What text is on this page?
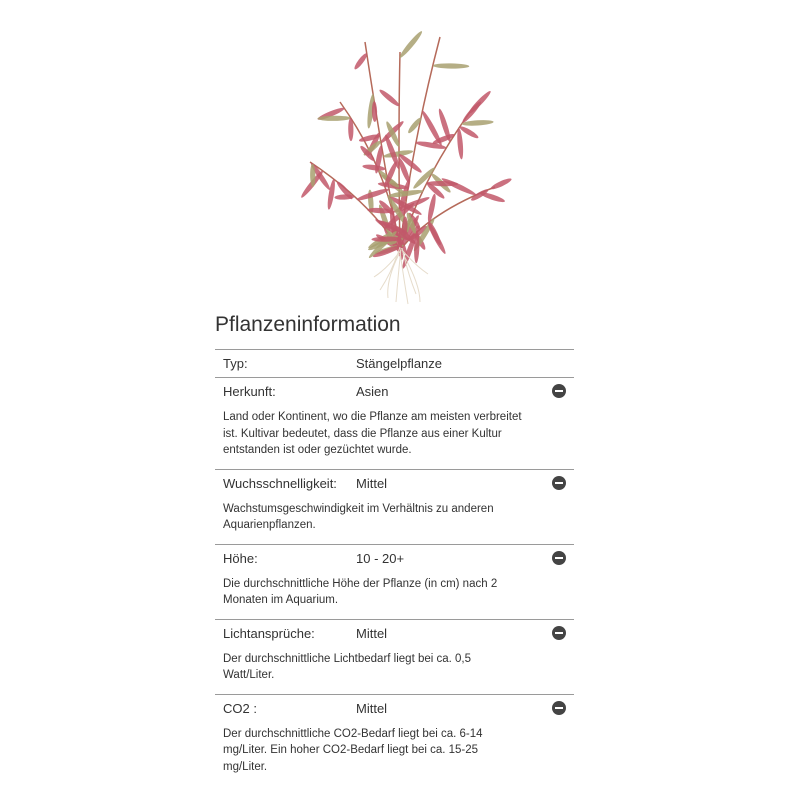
Pflanzeninformation
Typ:	Stängelpflanze
Herkunft:	Asien
Land oder Kontinent, wo die Pflanze am meisten verbreitet ist. Kultivar bedeutet, dass die Pflanze aus einer Kultur entstanden ist oder gezüchtet wurde.
Wuchsschnelligkeit:	Mittel
Wachstumsgeschwindigkeit im Verhältnis zu anderen Aquarienpflanzen.
Höhe:	10 - 20+
Die durchschnittliche Höhe der Pflanze (in cm) nach 2 Monaten im Aquarium.
Lichtansprüche:	Mittel
Der durchschnittliche Lichtbedarf liegt bei ca. 0,5 Watt/Liter.
CO2 :	Mittel
Der durchschnittliche CO2-Bedarf liegt bei ca. 6-14 mg/Liter. Ein hoher CO2-Bedarf liegt bei ca. 15-25 mg/Liter.
